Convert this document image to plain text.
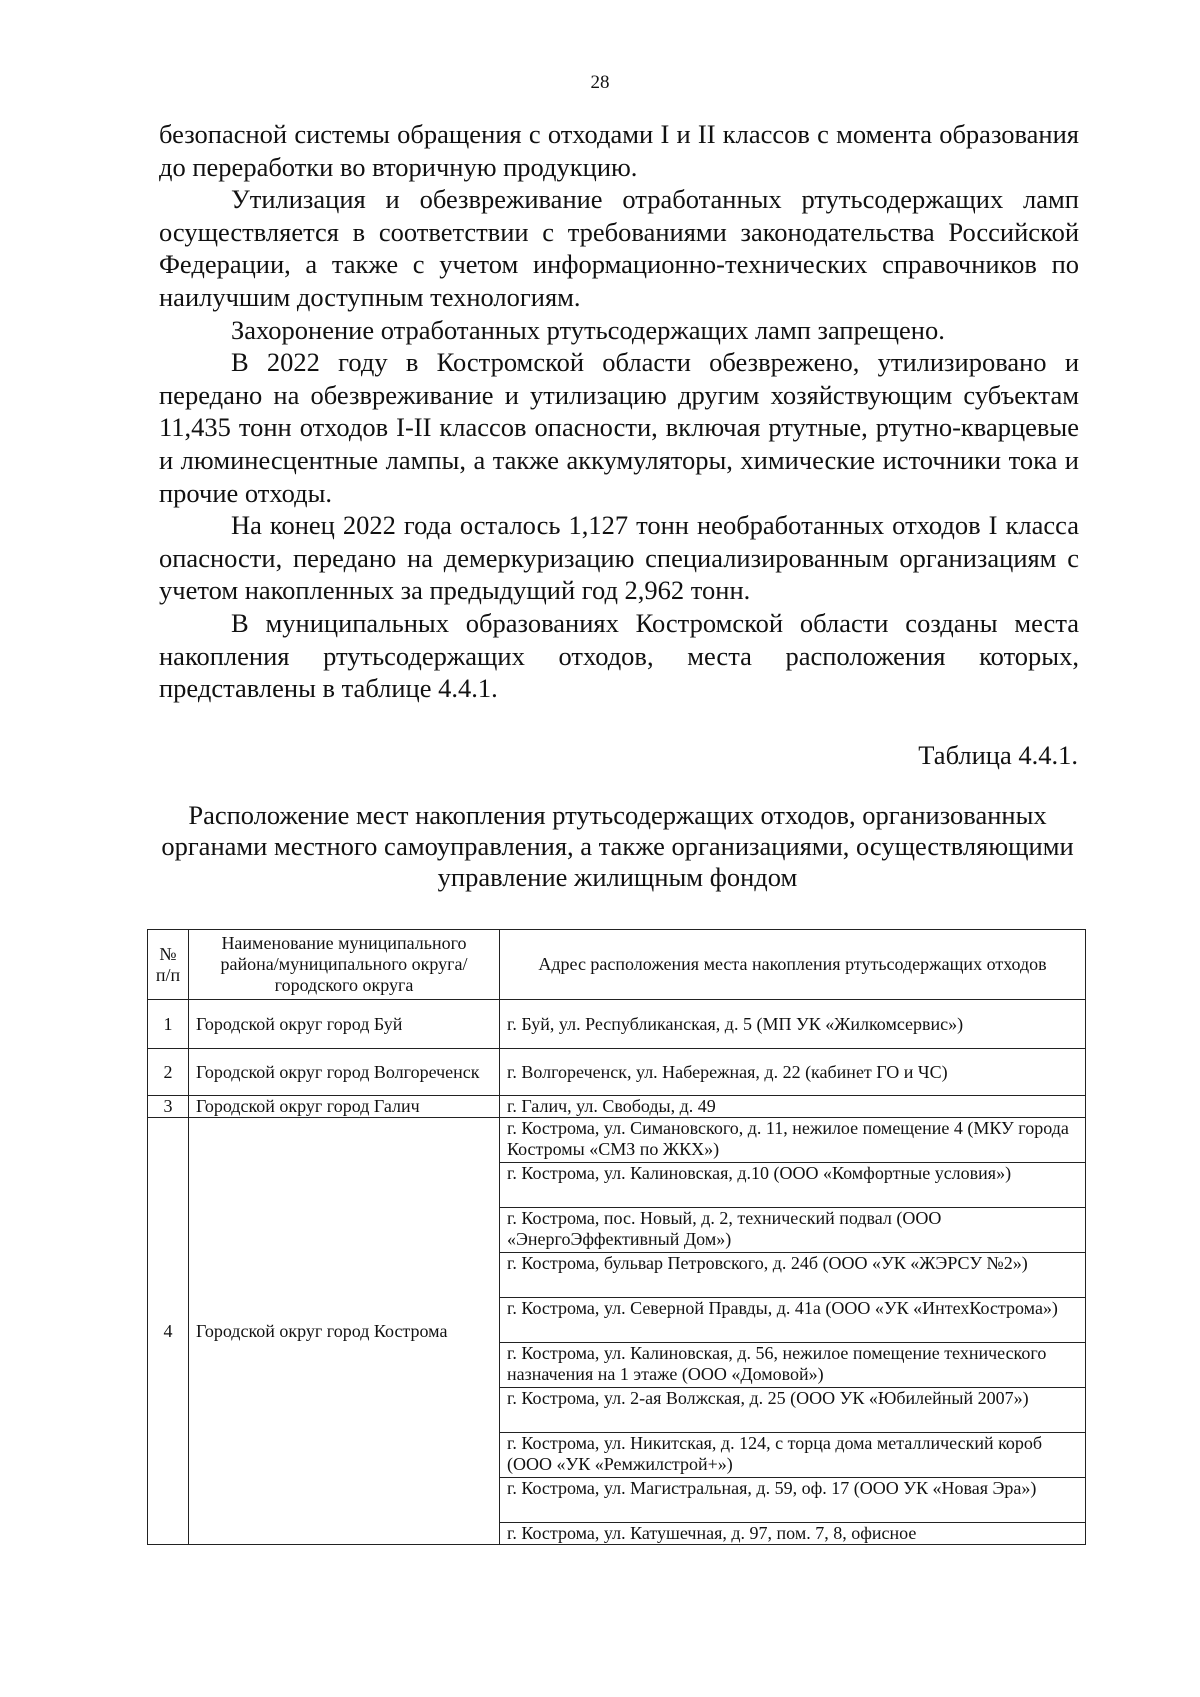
28

безопасной системы обращения с отходами I и II классов с момента образования до переработки во вторичную продукцию.

Утилизация и обезвреживание отработанных ртутьсодержащих ламп осуществляется в соответствии с требованиями законодательства Российской Федерации, а также с учетом информационно-технических справочников по наилучшим доступным технологиям.

Захоронение отработанных ртутьсодержащих ламп запрещено.

В 2022 году в Костромской области обезврежено, утилизировано и передано на обезвреживание и утилизацию другим хозяйствующим субъектам 11,435 тонн отходов I-II классов опасности, включая ртутные, ртутно-кварцевые и люминесцентные лампы, а также аккумуляторы, химические источники тока и прочие отходы.

На конец 2022 года осталось 1,127 тонн необработанных отходов I класса опасности, передано на демеркуризацию специализированным организациям с учетом накопленных за предыдущий год 2,962 тонн.

В муниципальных образованиях Костромской области созданы места накопления ртутьсодержащих отходов, места расположения которых, представлены в таблице 4.4.1.

Таблица 4.4.1.
Расположение мест накопления ртутьсодержащих отходов, организованных органами местного самоуправления, а также организациями, осуществляющими управление жилищным фондом
№ п/п	Наименование муниципального района/муниципального округа/городского округа	Адрес расположения места накопления ртутьсодержащих отходов
1	Городской округ город Буй	г. Буй, ул. Республиканская, д. 5 (МП УК «Жилкомсервис»)
2	Городской округ город Волгореченск	г. Волгореченск, ул. Набережная, д. 22 (кабинет ГО и ЧС)
3	Городской округ город Галич	г. Галич, ул. Свободы, д. 49
4	Городской округ город Кострома	г. Кострома, ул. Симановского, д. 11, нежилое помещение 4 (МКУ города Костромы «СМЗ по ЖКХ»)
		г. Кострома, ул. Калиновская, д.10 (ООО «Комфортные условия»)
		г. Кострома, пос. Новый, д. 2, технический подвал (ООО «ЭнергоЭффективный Дом»)
		г. Кострома, бульвар Петровского, д. 24б (ООО «УК «ЖЭРСУ №2»)
		г. Кострома, ул. Северной Правды, д. 41а (ООО «УК «ИнтехКострома»)
		г. Кострома, ул. Калиновская, д. 56, нежилое помещение технического назначения на 1 этаже (ООО «Домовой»)
		г. Кострома, ул. 2-ая Волжская, д. 25 (ООО УК «Юбилейный 2007»)
		г. Кострома, ул. Никитская, д. 124, с торца дома металлический короб (ООО «УК «Ремжилстрой+»)
		г. Кострома, ул. Магистральная, д. 59, оф. 17 (ООО УК «Новая Эра»)
		г. Кострома, ул. Катушечная, д. 97, пом. 7, 8, офисное
